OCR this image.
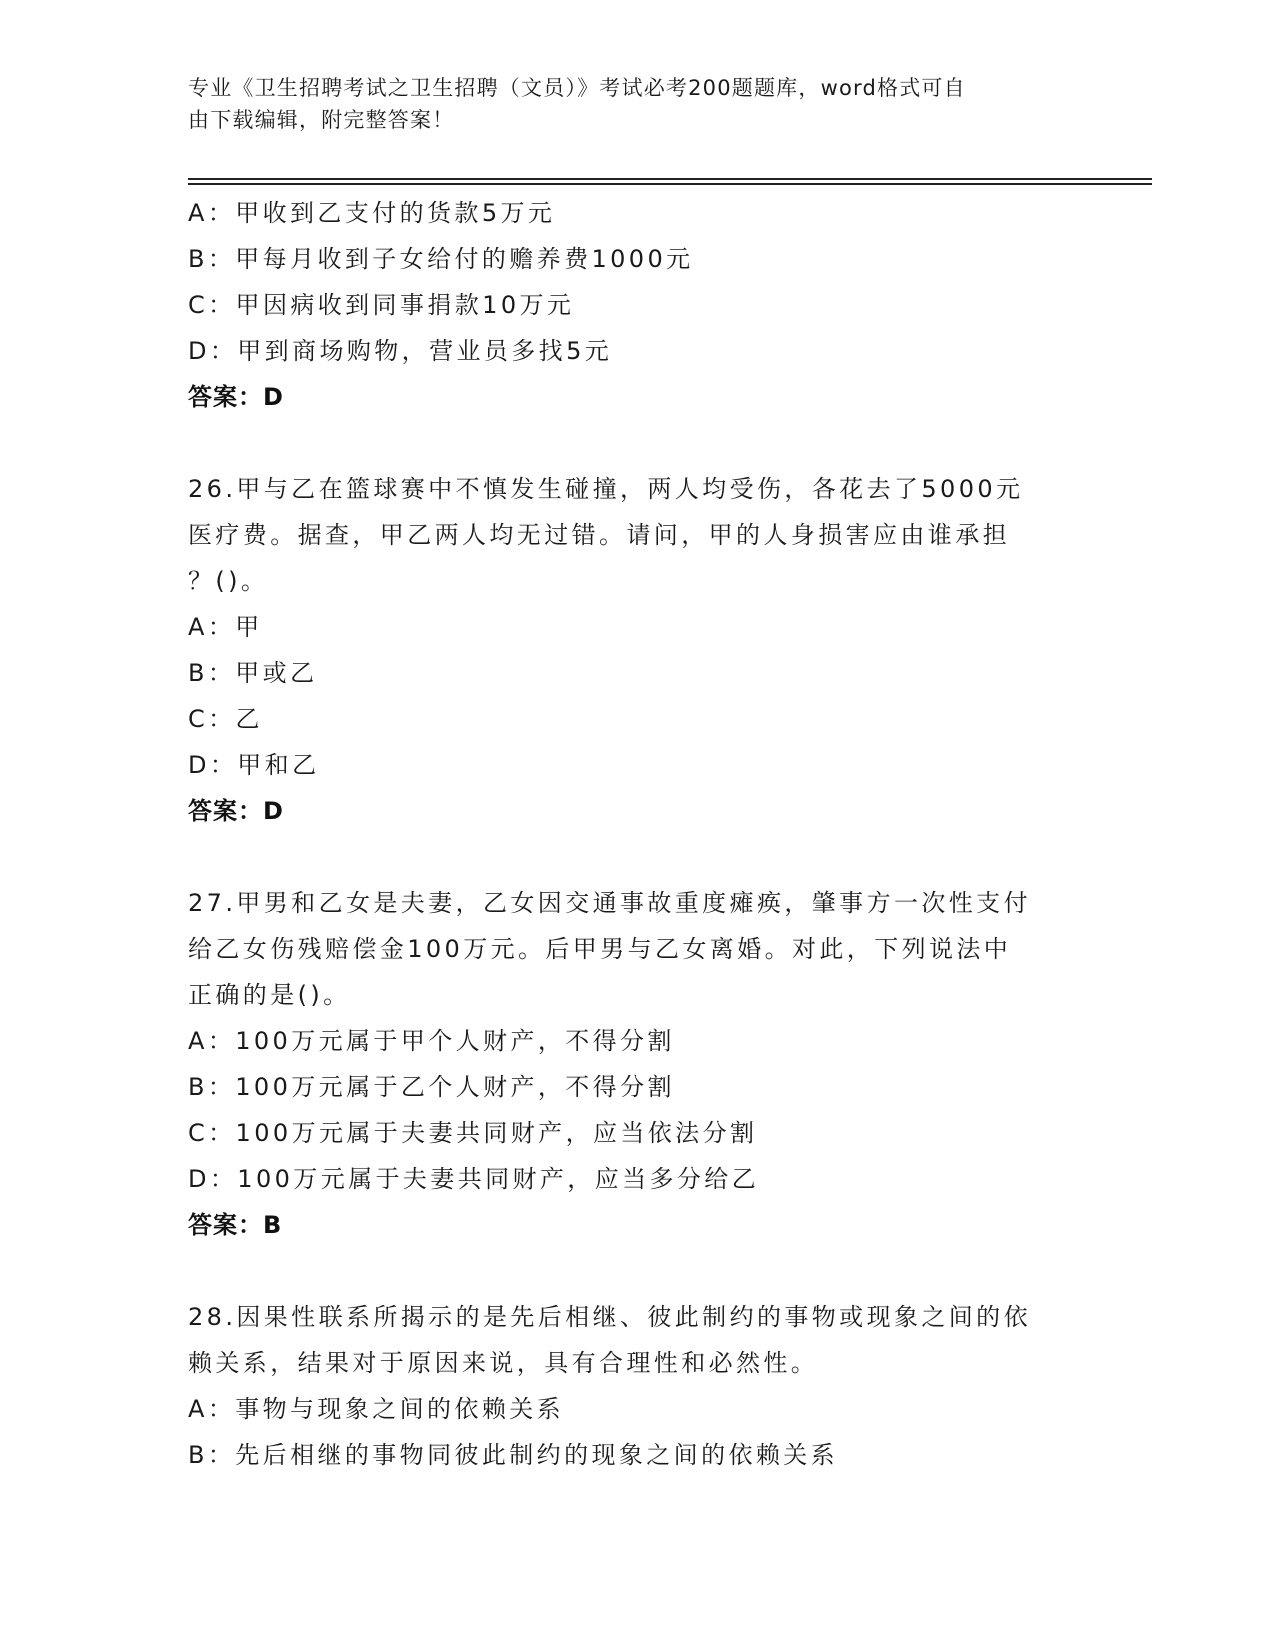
专业《卫生招聘考试之卫生招聘（文员）》考试必考200题题库，word格式可自
由下载编辑，附完整答案！
A：甲收到乙支付的货款5万元
B：甲每月收到子女给付的赡养费1000元
C：甲因病收到同事捐款10万元
D：甲到商场购物，营业员多找5元
答案：D
26.甲与乙在篮球赛中不慎发生碰撞，两人均受伤，各花去了5000元
医疗费。据查，甲乙两人均无过错。请问，甲的人身损害应由谁承担
？()。
A：甲
B：甲或乙
C：乙
D：甲和乙
答案：D
27.甲男和乙女是夫妻，乙女因交通事故重度瘫痪，肇事方一次性支付
给乙女伤残赔偿金100万元。后甲男与乙女离婚。对此，下列说法中
正确的是()。
A：100万元属于甲个人财产，不得分割
B：100万元属于乙个人财产，不得分割
C：100万元属于夫妻共同财产，应当依法分割
D：100万元属于夫妻共同财产，应当多分给乙
答案：B
28.因果性联系所揭示的是先后相继、彼此制约的事物或现象之间的依
赖关系，结果对于原因来说，具有合理性和必然性。
A：事物与现象之间的依赖关系
B：先后相继的事物同彼此制约的现象之间的依赖关系
